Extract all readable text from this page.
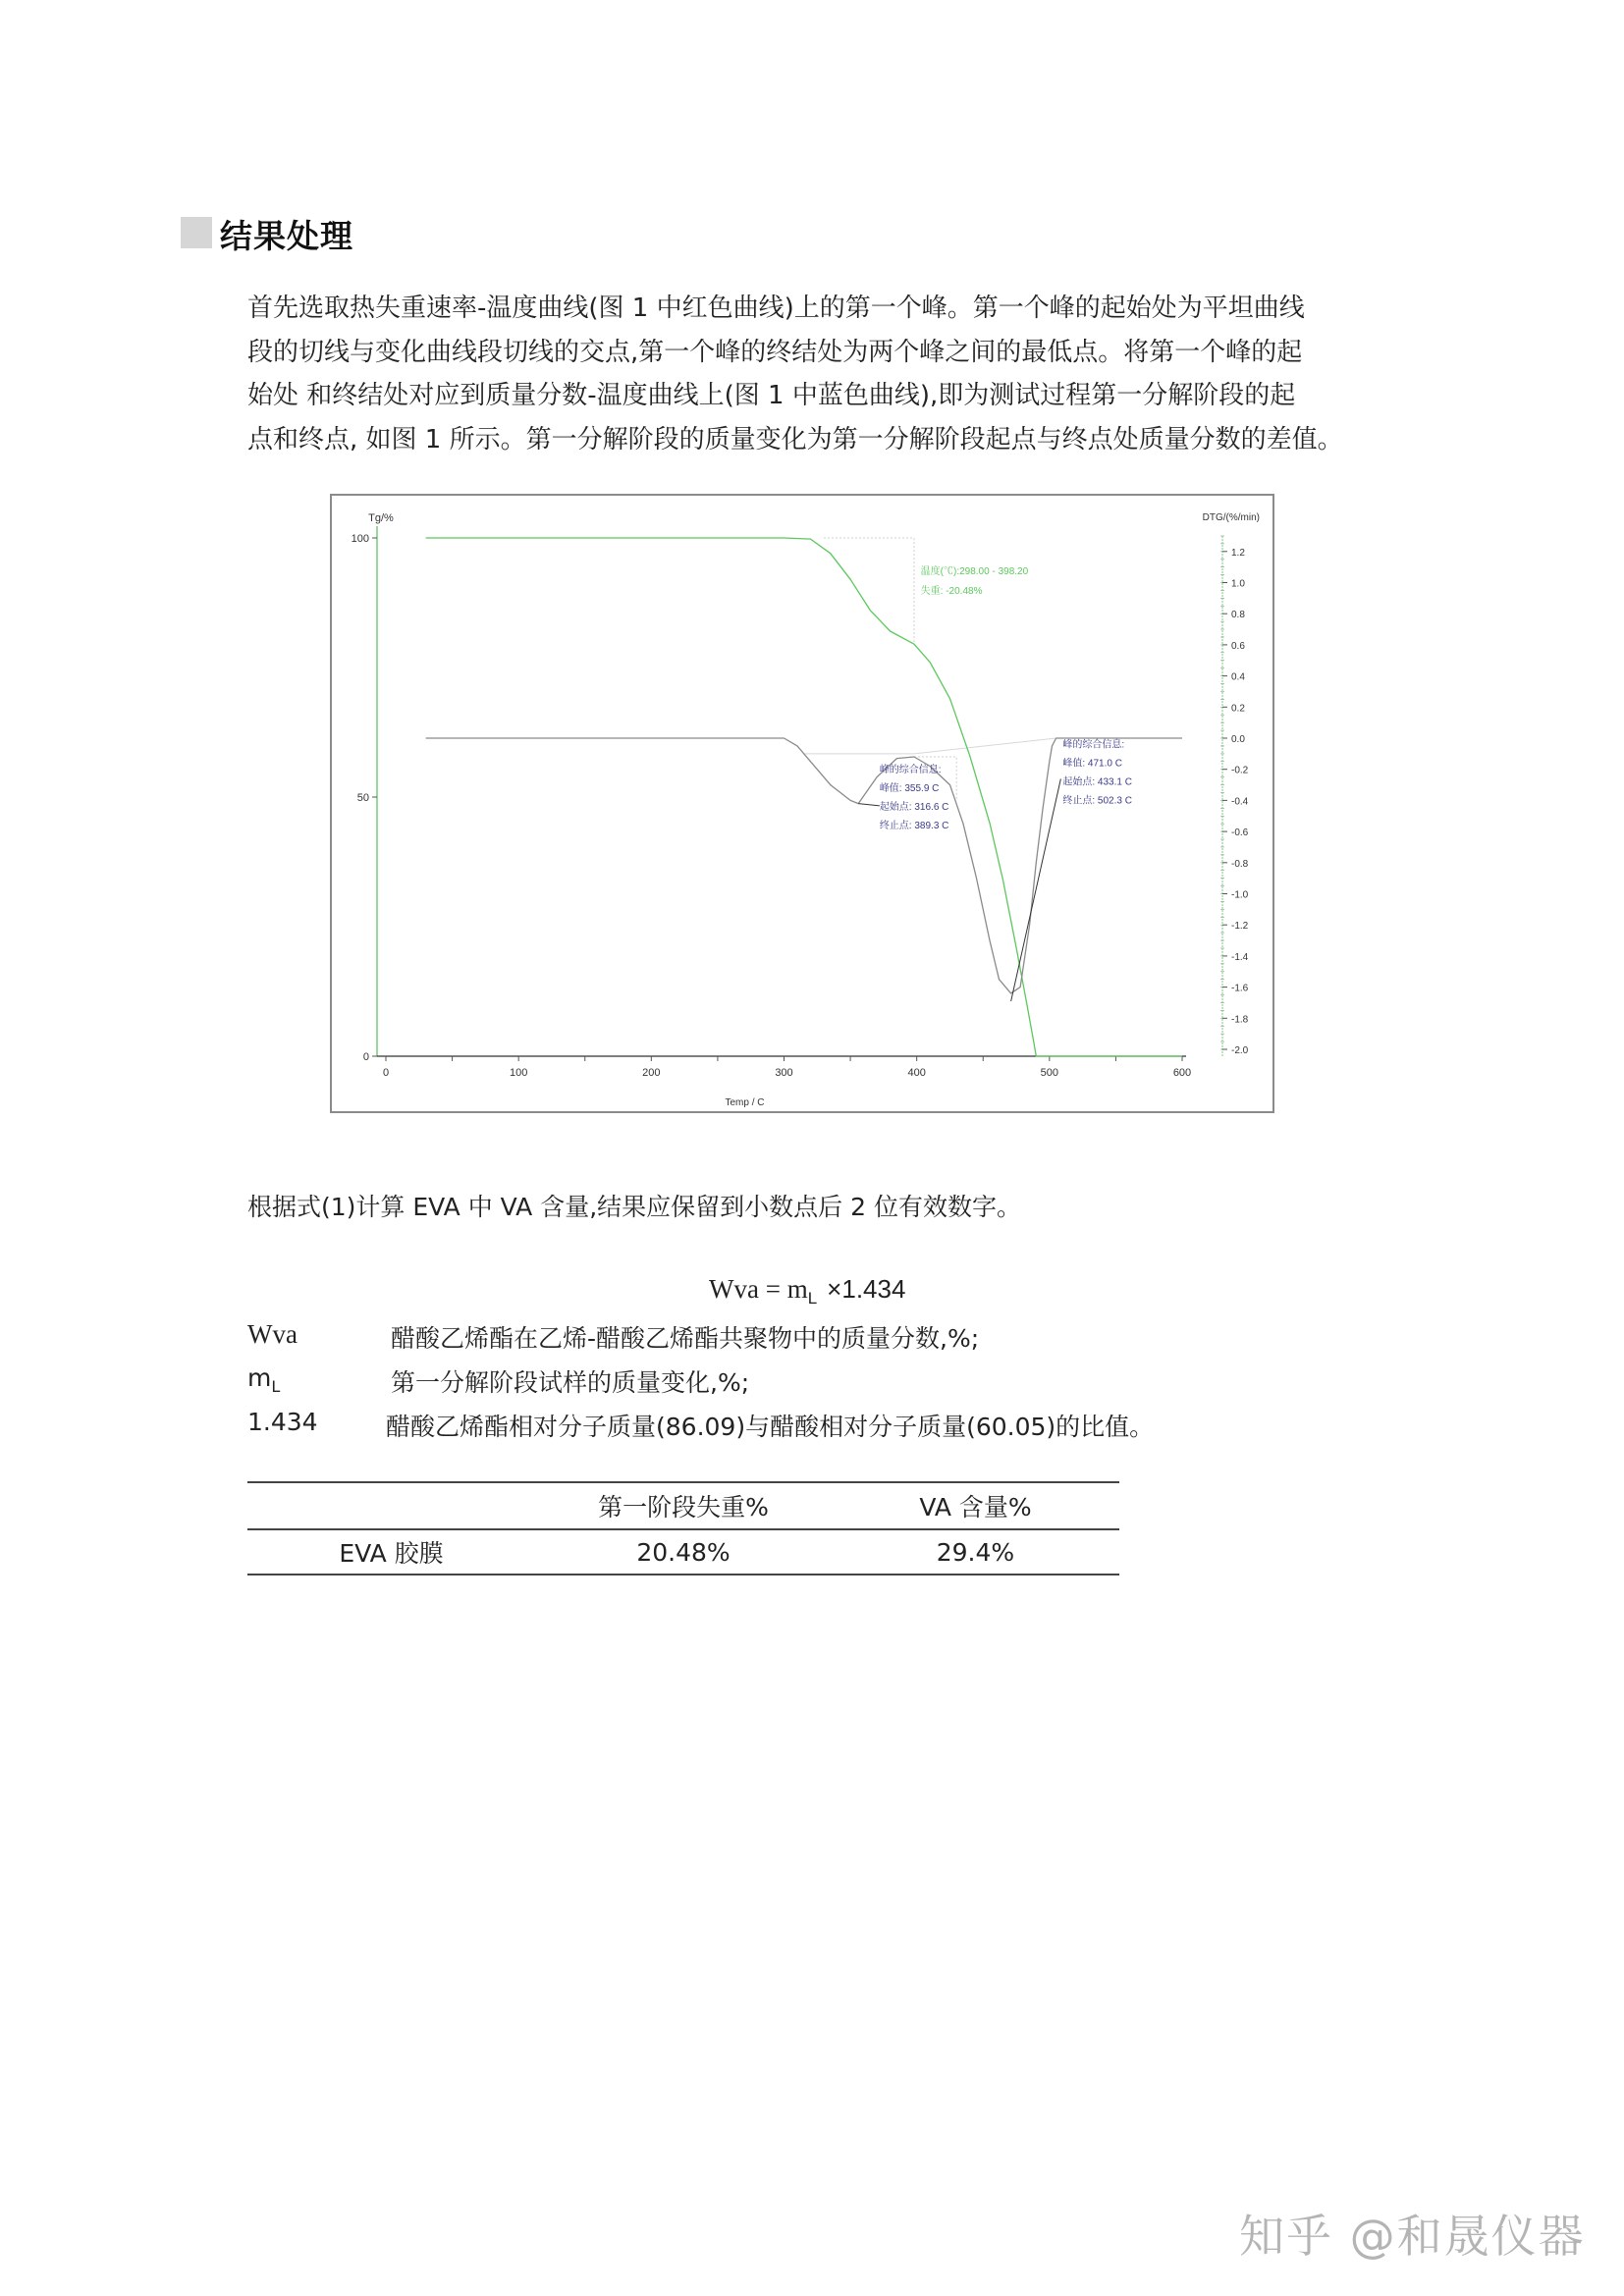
结果处理
首先选取热失重速率-温度曲线(图 1 中红色曲线)上的第一个峰。第一个峰的起始处为平坦曲线
段的切线与变化曲线段切线的交点,第一个峰的终结处为两个峰之间的最低点。将第一个峰的起
始处 和终结处对应到质量分数-温度曲线上(图 1 中蓝色曲线),即为测试过程第一分解阶段的起
点和终点, 如图 1 所示。第一分解阶段的质量变化为第一分解阶段起点与终点处质量分数的差值。
0
50
100
Tg/%
0	100	200	300	400	500	600
Temp / C
1.2
1.0
0.8
0.6
0.4
0.2
0.0
-0.2
-0.4
-0.6
-0.8
-1.0
-1.2
-1.4
-1.6
-1.8
-2.0
DTG/(%/min)
温度(℃):298.00 - 398.20
失重: -20.48%
峰的综合信息:
峰值: 355.9 C
起始点: 316.6 C
终止点: 389.3 C
峰的综合信息:
峰值: 471.0 C
起始点: 433.1 C
终止点: 502.3 C
根据式(1)计算 EVA 中 VA 含量,结果应保留到小数点后 2 位有效数字。
Wva = $m_L \times 1.434$
Wva	醋酸乙烯酯在乙烯-醋酸乙烯酯共聚物中的质量分数,%;
$m_L$	第一分解阶段试样的质量变化,%;
1.434	醋酸乙烯酯相对分子质量(86.09)与醋酸相对分子质量(60.05)的比值。
	第一阶段失重%	VA 含量%
EVA 胶膜	20.48%	29.4%
知乎 @和晟仪器
